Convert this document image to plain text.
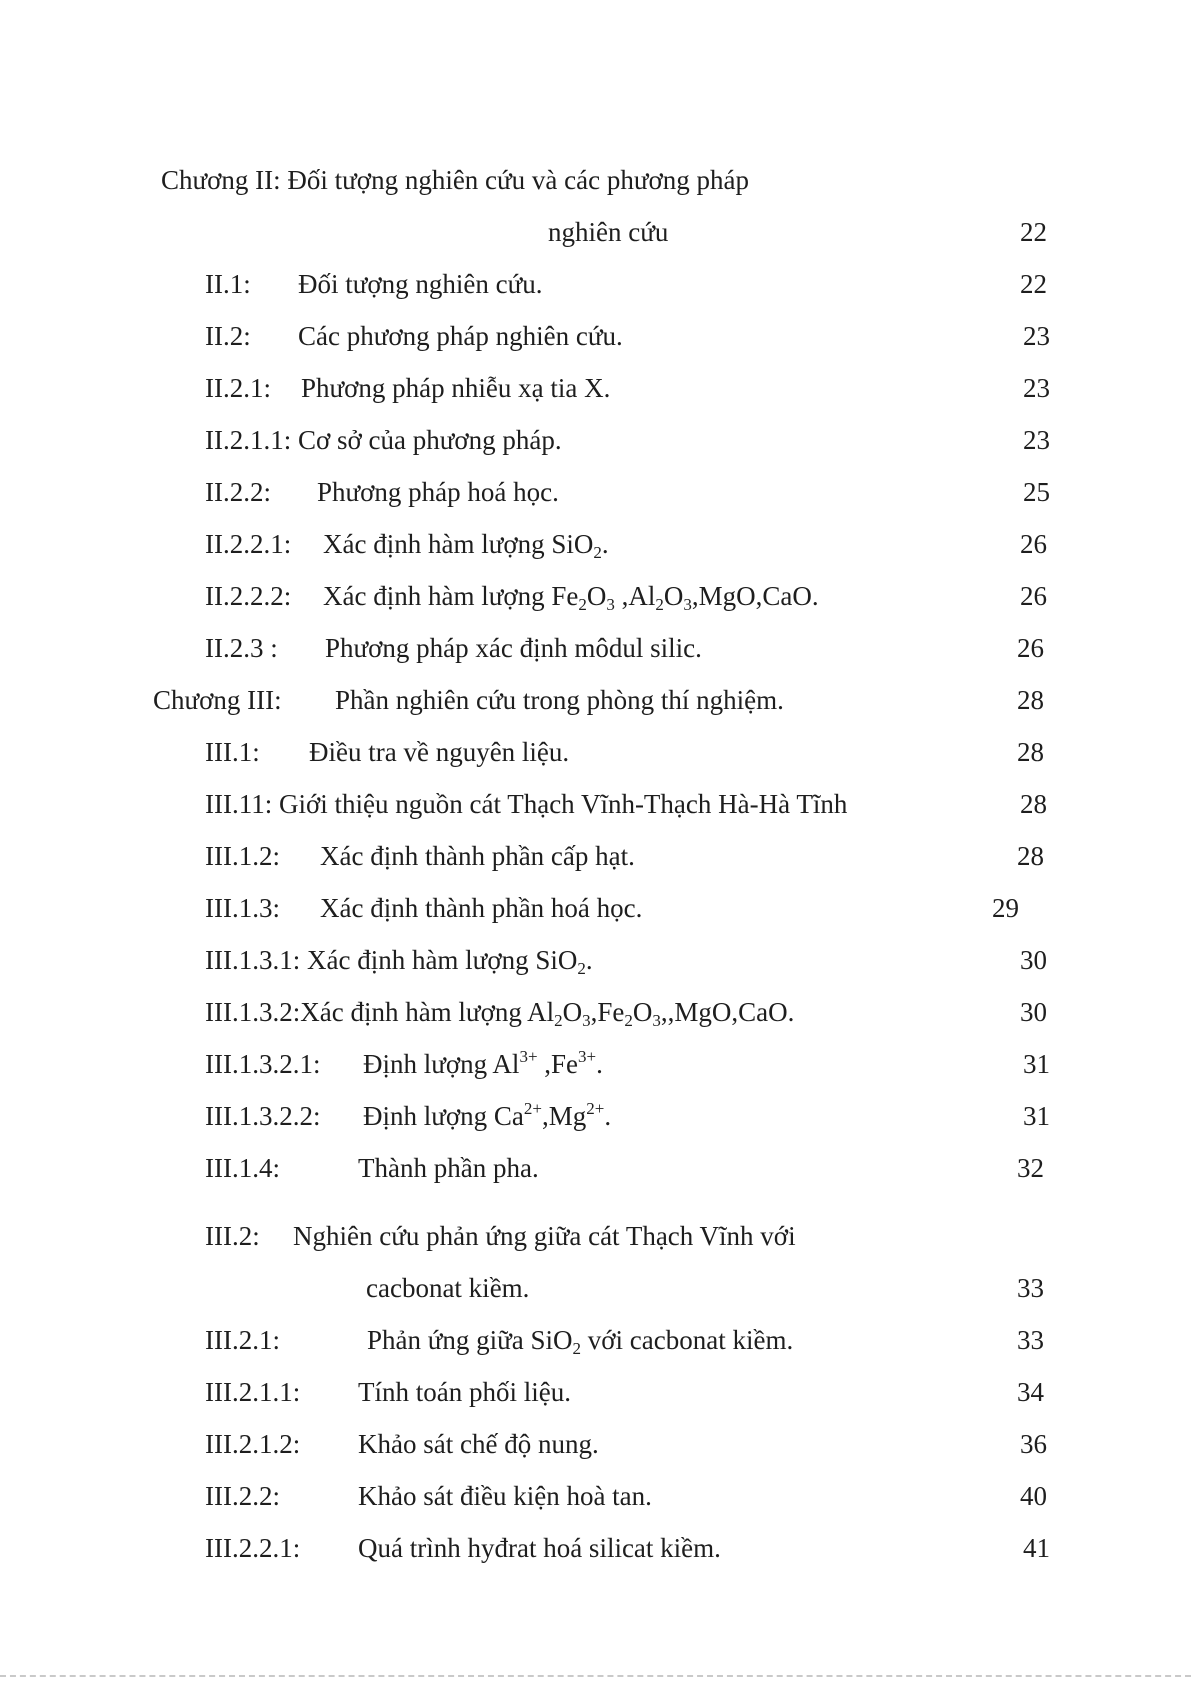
Chương II: Đối tượng nghiên cứu và các phương pháp
nghiên cứu	22
II.1: Đối tượng nghiên cứu.	22
II.2: Các phương pháp nghiên cứu.	23
II.2.1: Phương pháp nhiễu xạ tia X.	23
II.2.1.1: Cơ sở của phương pháp.	23
II.2.2: Phương pháp hoá học.	25
II.2.2.1: Xác định hàm lượng SiO$_2$.	26
II.2.2.2: Xác định hàm lượng $Fe_2O_3$ $,Al_2O_3,MgO,CaO$.	26
II.2.3 : Phương pháp xác định môdul silic.	26
Chương III: Phần nghiên cứu trong phòng thí nghiệm.	28
III.1: Điều tra về nguyên liệu.	28
III.11: Giới thiệu nguồn cát Thạch Vĩnh-Thạch Hà-Hà Tĩnh	28
III.1.2: Xác định thành phần cấp hạt.	28
III.1.3: Xác định thành phần hoá học.	29
III.1.3.1: Xác định hàm lượng SiO$_2$.	30
III.1.3.2:Xác định hàm lượng $Al_2O_3,Fe_2O_3,,MgO,CaO$.	30
III.1.3.2.1: Định lượng $Al^{3+}$ $,Fe^{3+}$.	31
III.1.3.2.2: Định lượng $Ca^{2+},Mg^{2+}$.	31
III.1.4:	Thành phần pha.	32
III.2: Nghiên cứu phản ứng giữa cát Thạch Vĩnh với
cacbonat kiềm.	33
III.2.1:	Phản ứng giữa SiO$_2$ với cacbonat kiềm.	33
III.2.1.1: Tính toán phối liệu.	34
III.2.1.2: Khảo sát chế độ nung.	36
III.2.2:	Khảo sát điều kiện hoà tan.	40
III.2.2.1: Quá trình hyđrat hoá silicat kiềm.	41
